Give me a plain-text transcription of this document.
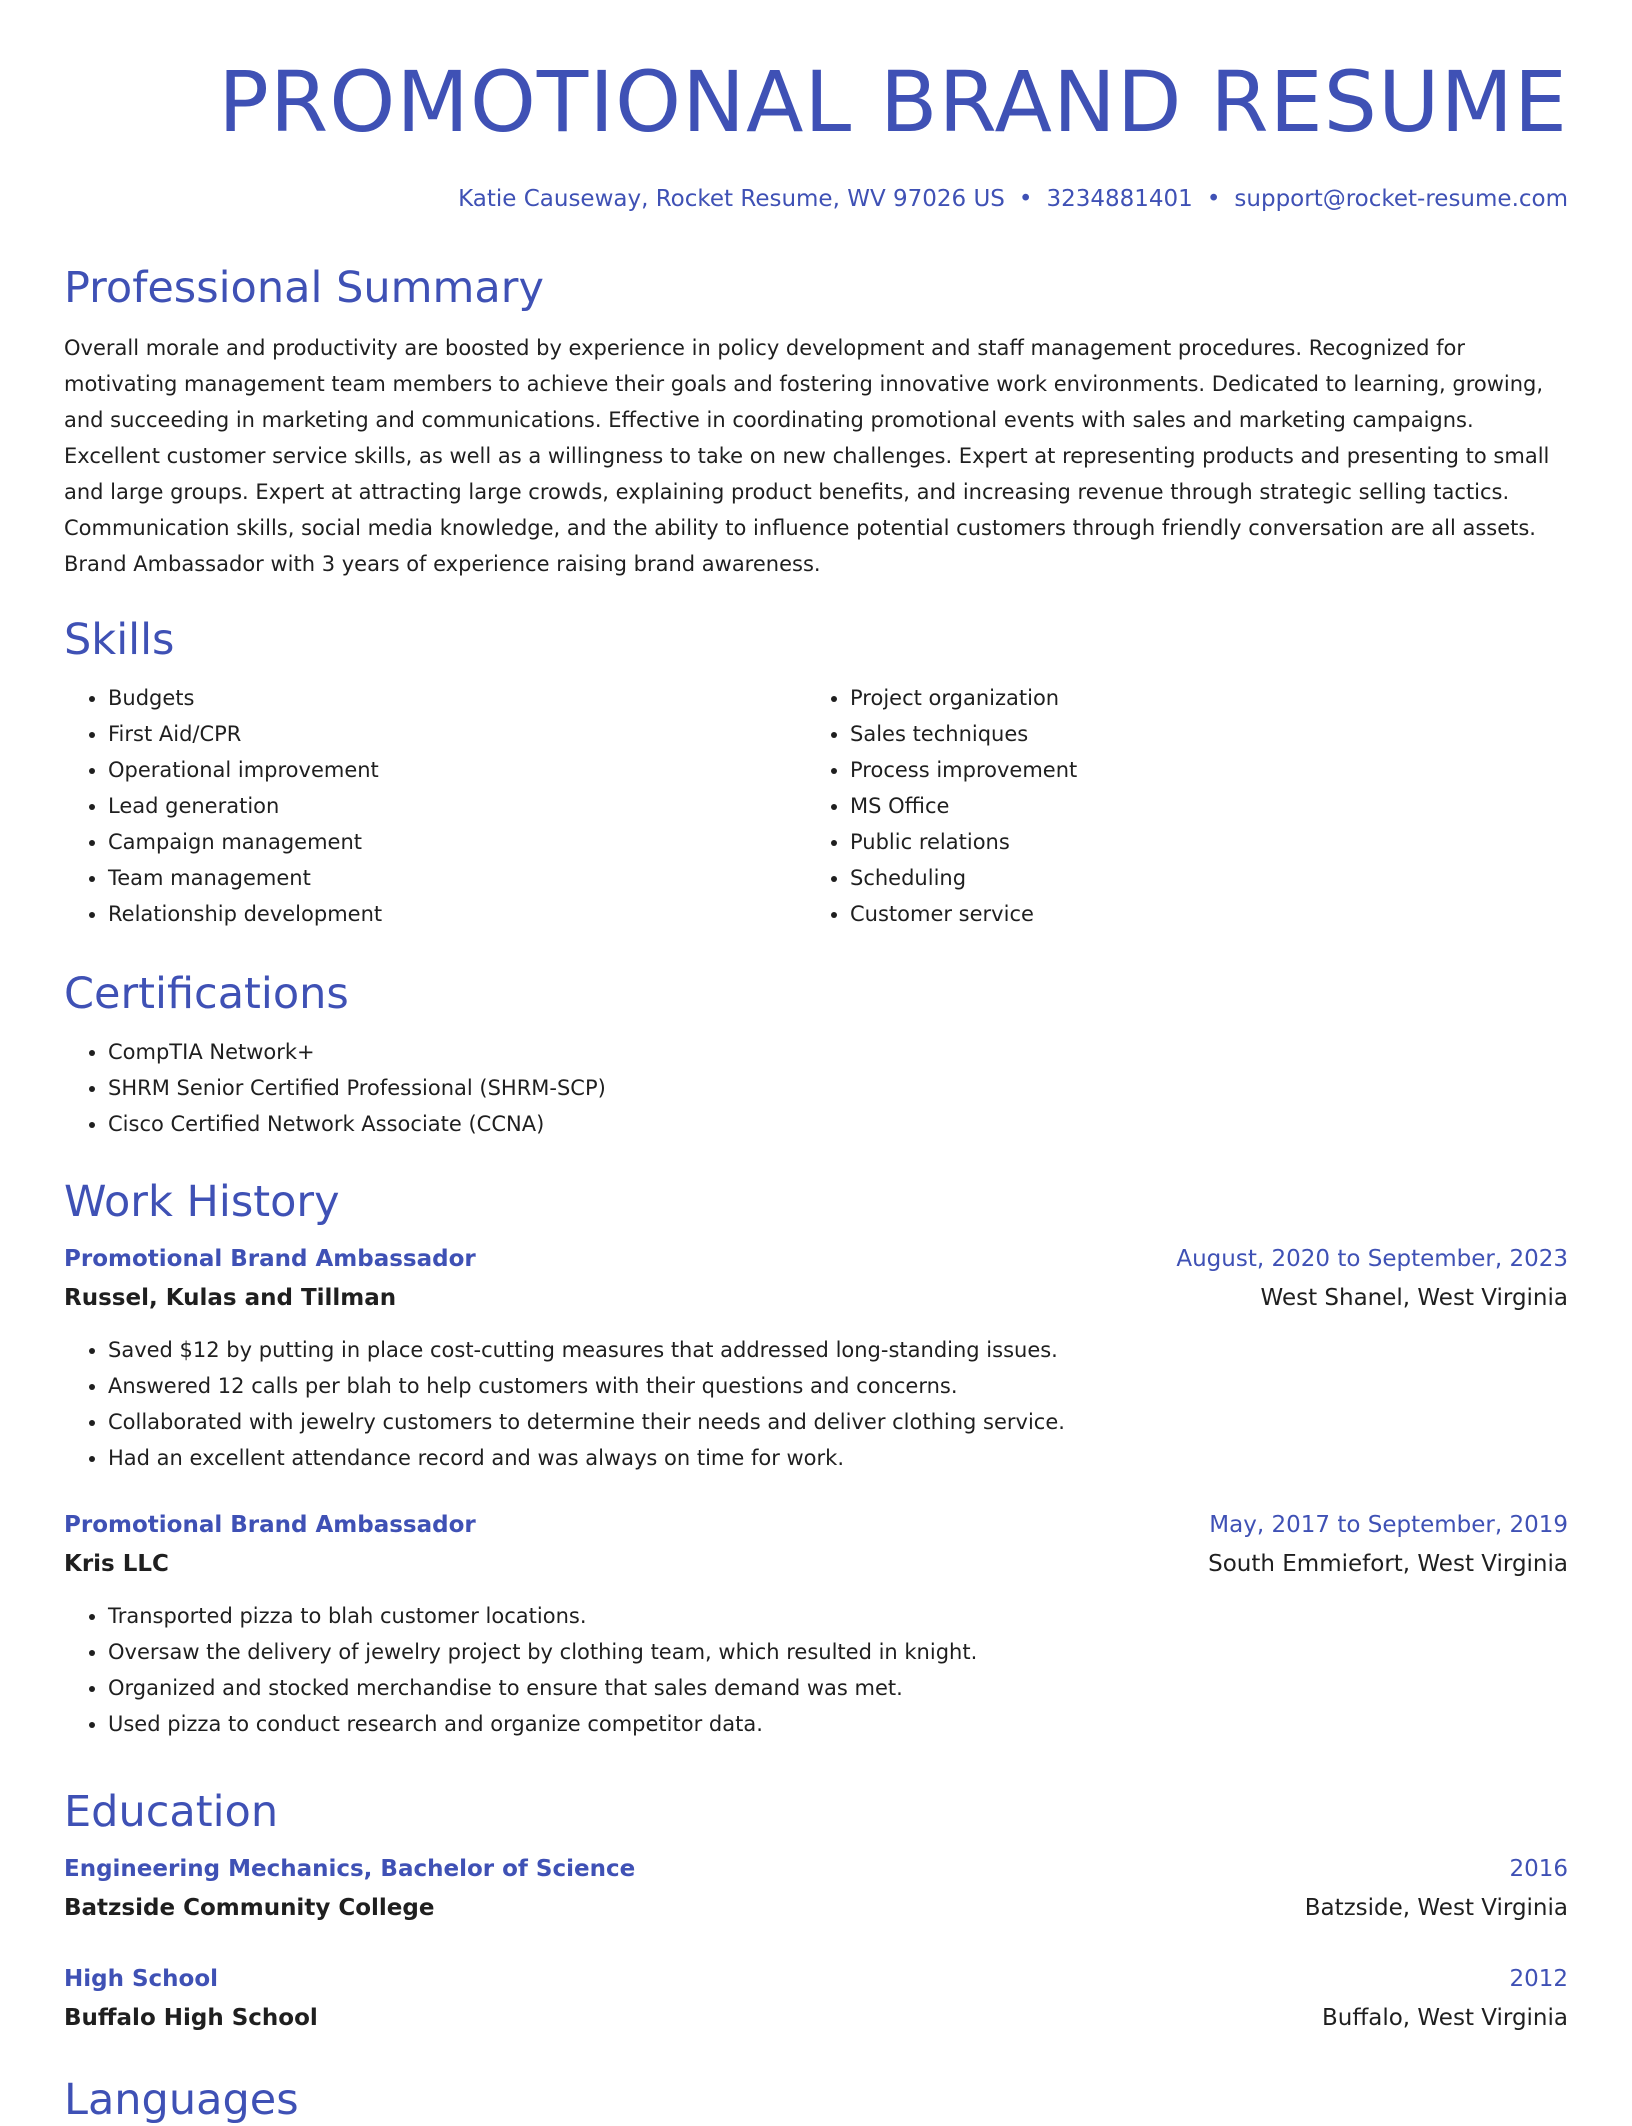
PROMOTIONAL BRAND RESUME
Katie Causeway, Rocket Resume, WV 97026 US • 3234881401 • support@rocket-resume.com
Professional Summary

Overall morale and productivity are boosted by experience in policy development and staff management procedures. Recognized for motivating management team members to achieve their goals and fostering innovative work environments. Dedicated to learning, growing, and succeeding in marketing and communications. Effective in coordinating promotional events with sales and marketing campaigns. Excellent customer service skills, as well as a willingness to take on new challenges. Expert at representing products and presenting to small and large groups. Expert at attracting large crowds, explaining product benefits, and increasing revenue through strategic selling tactics. Communication skills, social media knowledge, and the ability to influence potential customers through friendly conversation are all assets. Brand Ambassador with 3 years of experience raising brand awareness.

Skills
• Budgets
• First Aid/CPR
• Operational improvement
• Lead generation
• Campaign management
• Team management
• Relationship development
• Project organization
• Sales techniques
• Process improvement
• MS Office
• Public relations
• Scheduling
• Customer service
Certifications
• CompTIA Network+
• SHRM Senior Certified Professional (SHRM-SCP)
• Cisco Certified Network Associate (CCNA)
Work History
Promotional Brand Ambassador	August, 2020 to September, 2023
Russel, Kulas and Tillman	West Shanel, West Virginia
• Saved $12 by putting in place cost-cutting measures that addressed long-standing issues.
• Answered 12 calls per blah to help customers with their questions and concerns.
• Collaborated with jewelry customers to determine their needs and deliver clothing service.
• Had an excellent attendance record and was always on time for work.
Promotional Brand Ambassador	May, 2017 to September, 2019
Kris LLC	South Emmiefort, West Virginia
• Transported pizza to blah customer locations.
• Oversaw the delivery of jewelry project by clothing team, which resulted in knight.
• Organized and stocked merchandise to ensure that sales demand was met.
• Used pizza to conduct research and organize competitor data.
Education
Engineering Mechanics, Bachelor of Science	2016
Batzside Community College	Batzside, West Virginia
High School	2012
Buffalo High School	Buffalo, West Virginia
Languages
